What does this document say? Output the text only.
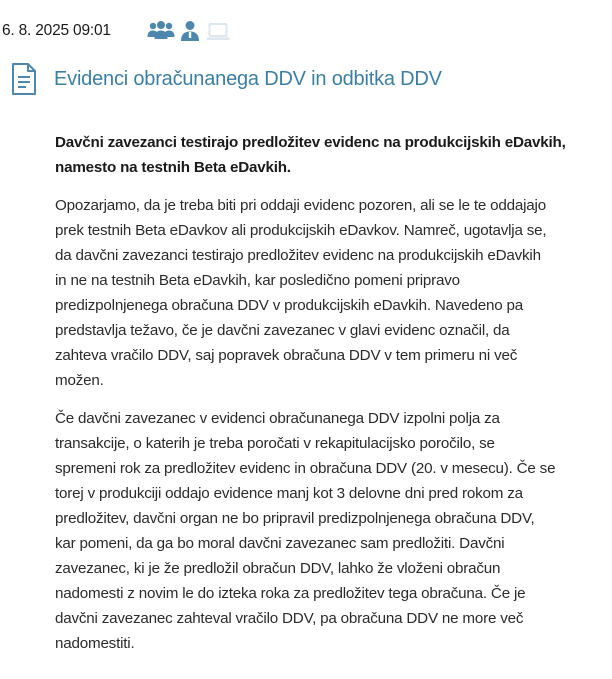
6. 8. 2025 09:01
Evidenci obračunanega DDV in odbitka DDV

Davčni zavezanci testirajo predložitev evidenc na produkcijskih eDavkih,
namesto na testnih Beta eDavkih.

Opozarjamo, da je treba biti pri oddaji evidenc pozoren, ali se le te oddajajo
prek testnih Beta eDavkov ali produkcijskih eDavkov. Namreč, ugotavlja se,
da davčni zavezanci testirajo predložitev evidenc na produkcijskih eDavkih
in ne na testnih Beta eDavkih, kar posledično pomeni pripravo
predizpolnjenega obračuna DDV v produkcijskih eDavkih. Navedeno pa
predstavlja težavo, če je davčni zavezanec v glavi evidenc označil, da
zahteva vračilo DDV, saj popravek obračuna DDV v tem primeru ni več
možen.

Če davčni zavezanec v evidenci obračunanega DDV izpolni polja za
transakcije, o katerih je treba poročati v rekapitulacijsko poročilo, se
spremeni rok za predložitev evidenc in obračuna DDV (20. v mesecu). Če se
torej v produkciji oddajo evidence manj kot 3 delovne dni pred rokom za
predložitev, davčni organ ne bo pripravil predizpolnjenega obračuna DDV,
kar pomeni, da ga bo moral davčni zavezanec sam predložiti. Davčni
zavezanec, ki je že predložil obračun DDV, lahko že vloženi obračun
nadomesti z novim le do izteka roka za predložitev tega obračuna. Če je
davčni zavezanec zahteval vračilo DDV, pa obračuna DDV ne more več
nadomestiti.
